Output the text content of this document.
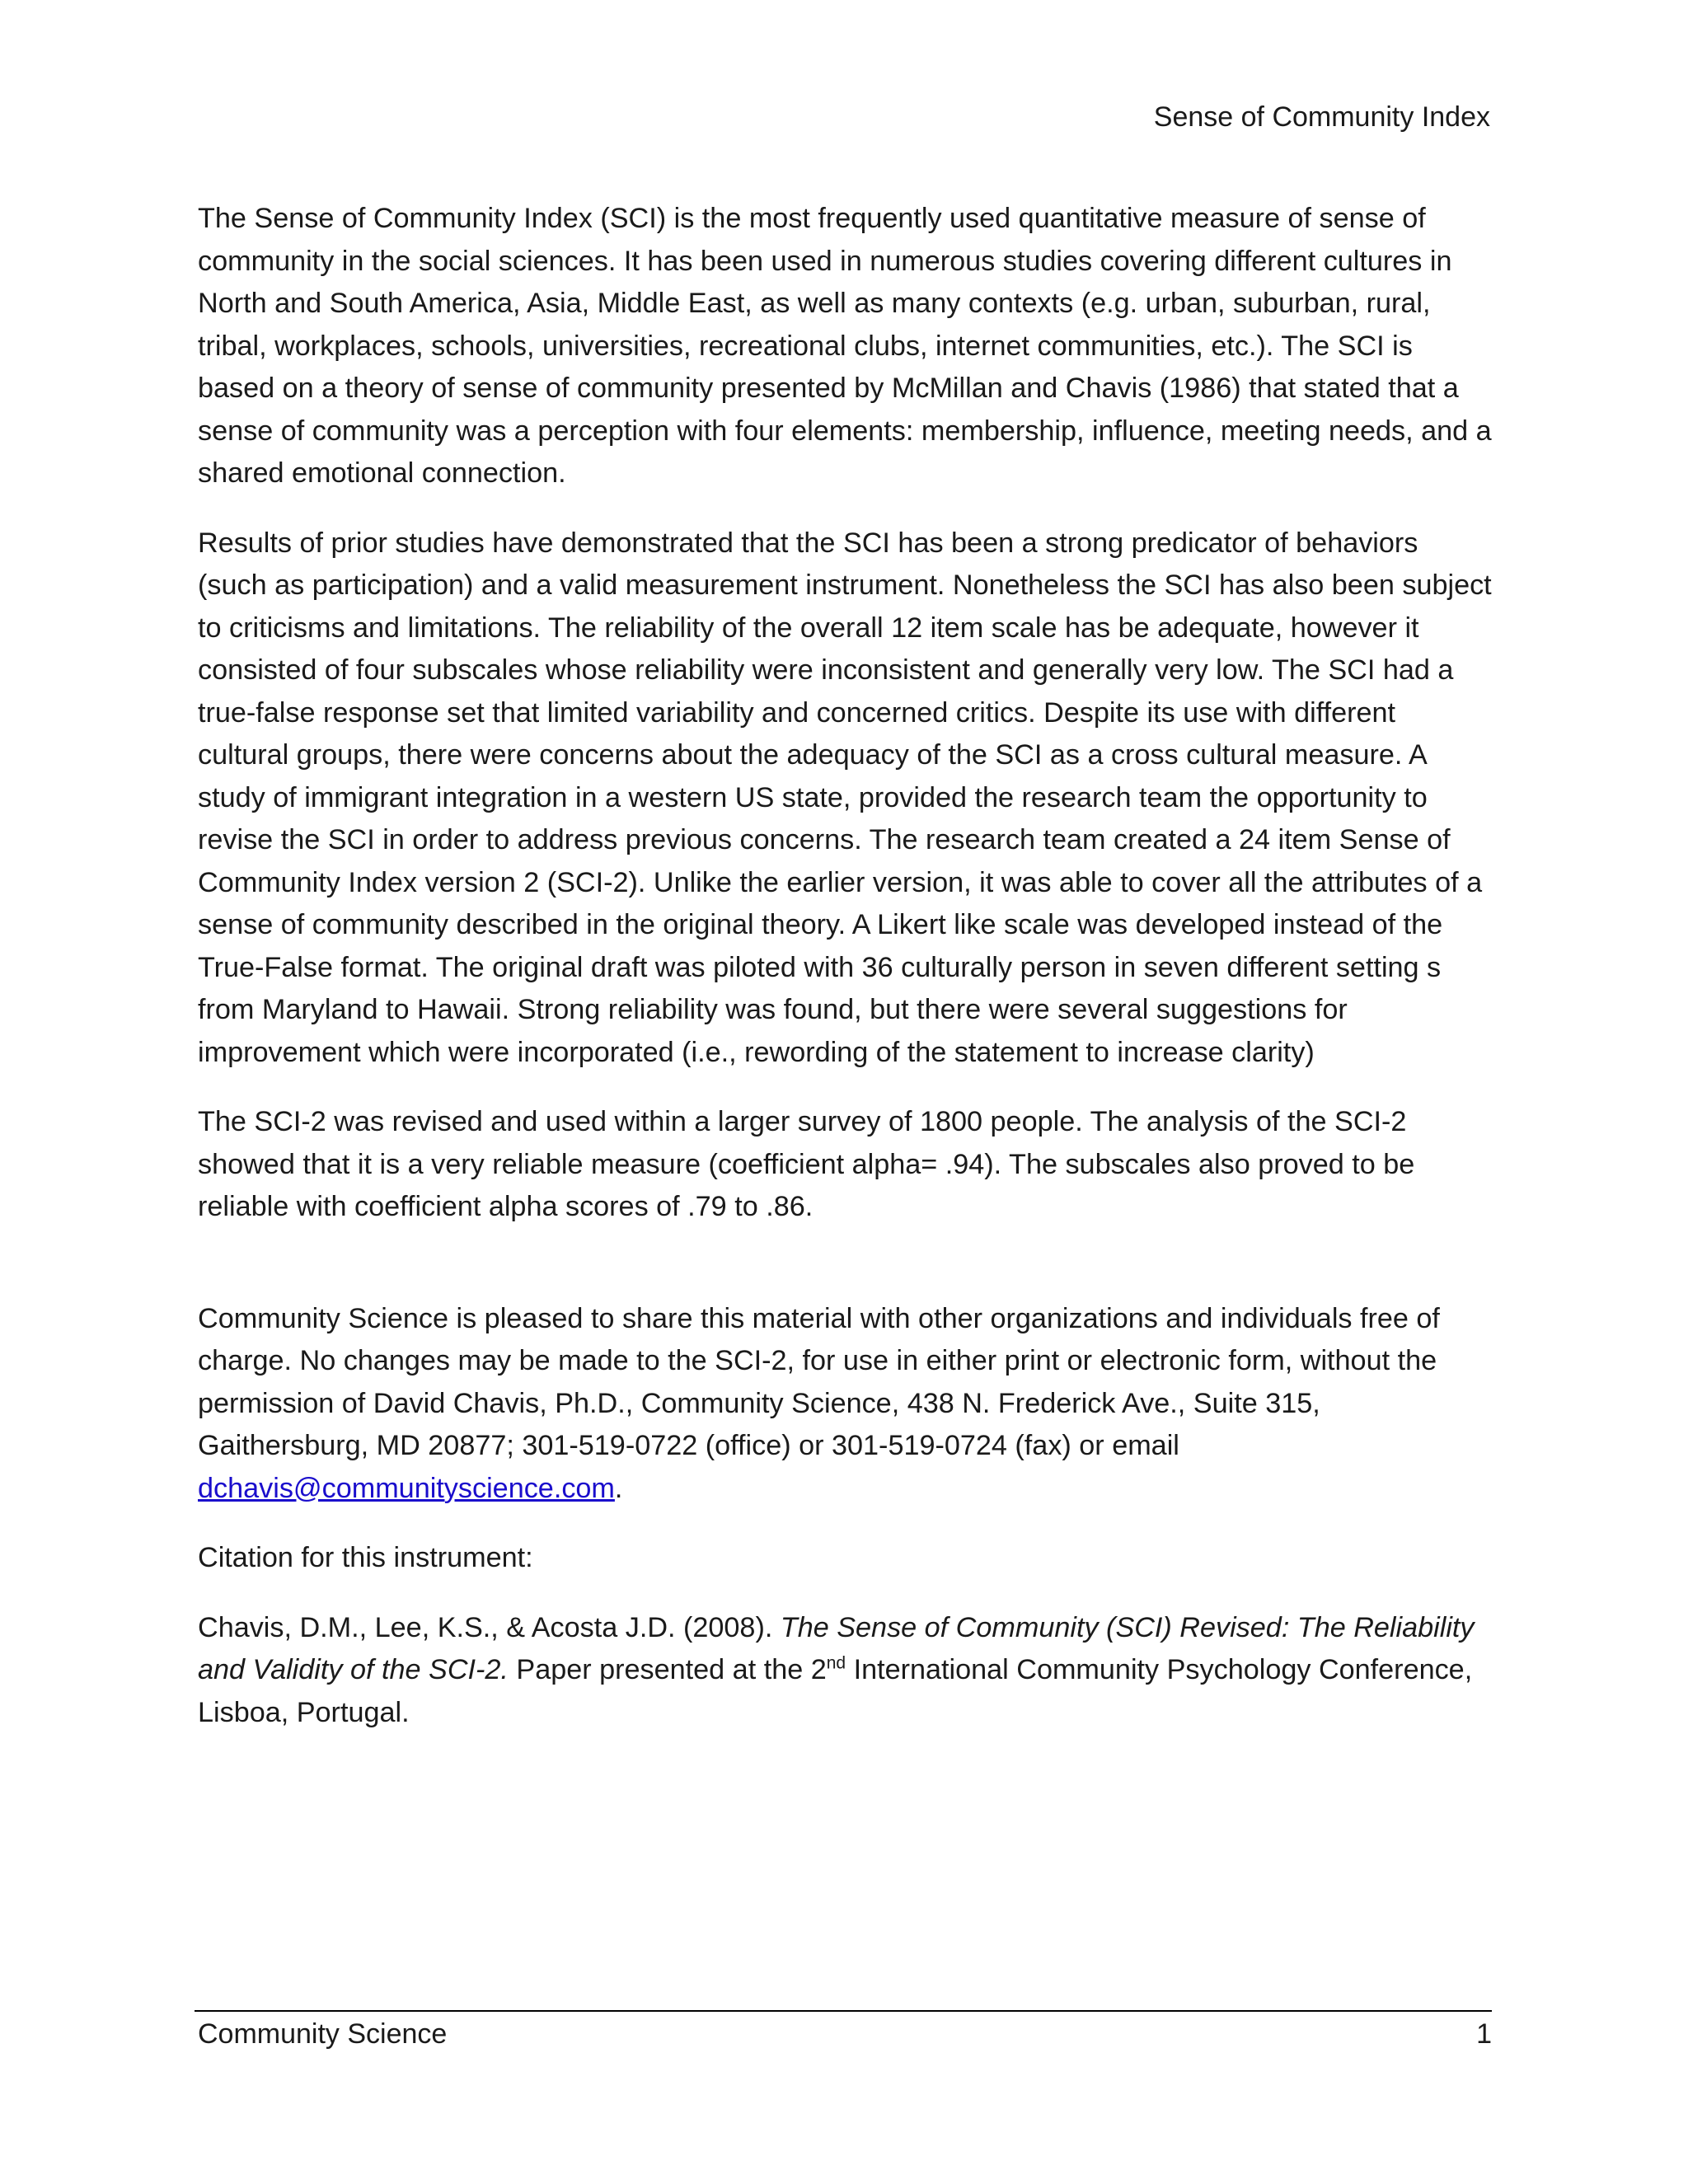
Sense of Community Index

The Sense of Community Index (SCI) is the most frequently used quantitative measure of sense of community in the social sciences. It has been used in numerous studies covering different cultures in North and South America, Asia, Middle East, as well as many contexts (e.g. urban, suburban, rural, tribal, workplaces, schools, universities, recreational clubs, internet communities, etc.). The SCI is based on a theory of sense of community presented by McMillan and Chavis (1986) that stated that a sense of community was a perception with four elements: membership, influence, meeting needs, and a shared emotional connection.

Results of prior studies have demonstrated that the SCI has been a strong predicator of behaviors (such as participation) and a valid measurement instrument. Nonetheless the SCI has also been subject to criticisms and limitations. The reliability of the overall 12 item scale has be adequate, however it consisted of four subscales whose reliability were inconsistent and generally very low. The SCI had a true-false response set that limited variability and concerned critics. Despite its use with different cultural groups, there were concerns about the adequacy of the SCI as a cross cultural measure. A study of immigrant integration in a western US state, provided the research team the opportunity to revise the SCI in order to address previous concerns. The research team created a 24 item Sense of Community Index version 2 (SCI-2). Unlike the earlier version, it was able to cover all the attributes of a sense of community described in the original theory. A Likert like scale was developed instead of the True-False format. The original draft was piloted with 36 culturally person in seven different setting s from Maryland to Hawaii. Strong reliability was found, but there were several suggestions for improvement which were incorporated (i.e., rewording of the statement to increase clarity)

The SCI-2 was revised and used within a larger survey of 1800 people. The analysis of the SCI-2 showed that it is a very reliable measure (coefficient alpha= .94). The subscales also proved to be reliable with coefficient alpha scores of .79 to .86.

Community Science is pleased to share this material with other organizations and individuals free of charge. No changes may be made to the SCI-2, for use in either print or electronic form, without the permission of David Chavis, Ph.D., Community Science, 438 N. Frederick Ave., Suite 315, Gaithersburg, MD 20877; 301-519-0722 (office) or 301-519-0724 (fax) or email dchavis@communityscience.com.

Citation for this instrument:

Chavis, D.M., Lee, K.S., & Acosta J.D. (2008). The Sense of Community (SCI) Revised: The Reliability and Validity of the SCI-2. Paper presented at the 2nd International Community Psychology Conference, Lisboa, Portugal.

Community Science	1
